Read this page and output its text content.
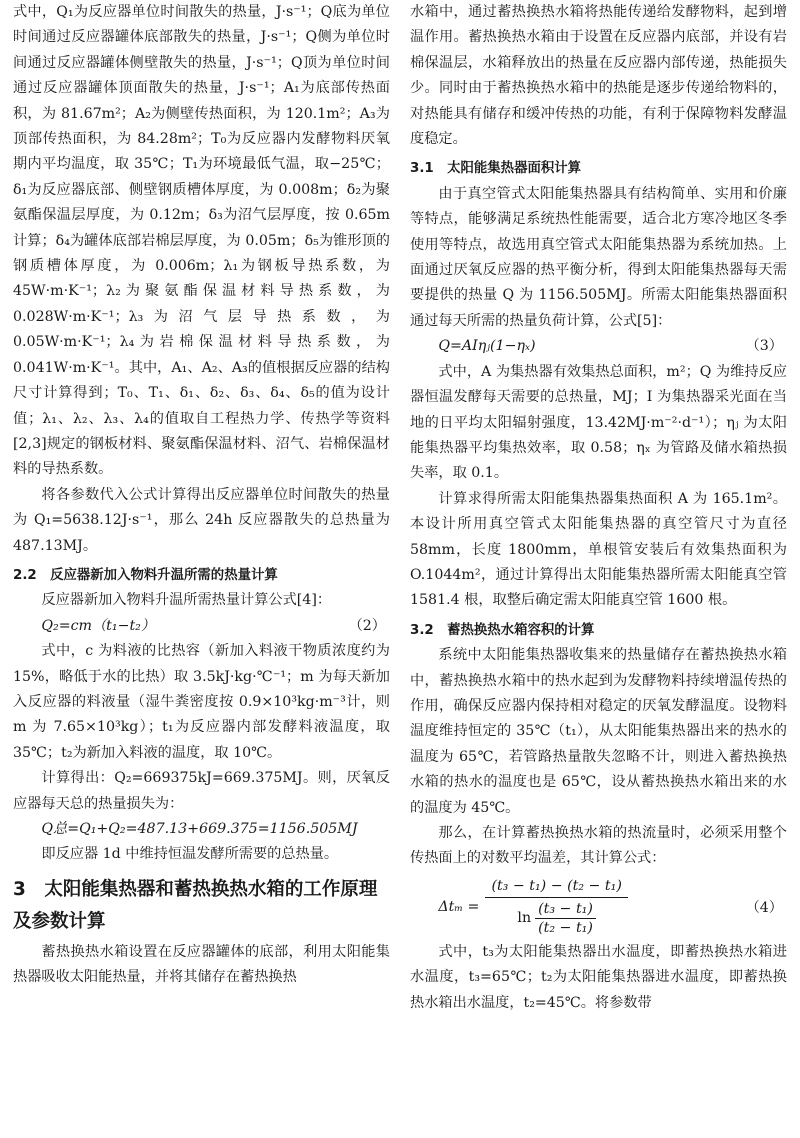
式中，Q₁为反应器单位时间散失的热量，J·s⁻¹；Q底为单位时间通过反应器罐体底部散失的热量，J·s⁻¹；Q侧为单位时间通过反应器罐体侧壁散失的热量，J·s⁻¹；Q顶为单位时间通过反应器罐体顶面散失的热量，J·s⁻¹；A₁为底部传热面积，为 81.67m²；A₂为侧壁传热面积，为 120.1m²；A₃为顶部传热面积，为 84.28m²；T₀为反应器内发酵物料厌氧期内平均温度，取 35℃；T₁为环境最低气温，取−25℃；δ₁为反应器底部、侧壁钢质槽体厚度，为 0.008m；δ₂为聚氨酯保温层厚度，为 0.12m；δ₃为沼气层厚度，按 0.65m 计算；δ₄为罐体底部岩棉层厚度，为 0.05m；δ₅为锥形顶的钢质槽体厚度，为 0.006m；λ₁为钢板导热系数，为 45W·m·K⁻¹；λ₂为聚氨酯保温材料导热系数，为 0.028W·m·K⁻¹；λ₃为沼气层导热系数，为 0.05W·m·K⁻¹；λ₄为岩棉保温材料导热系数，为 0.041W·m·K⁻¹。其中，A₁、A₂、A₃的值根据反应器的结构尺寸计算得到；T₀、T₁、δ₁、δ₂、δ₃、δ₄、δ₅的值为设计值；λ₁、λ₂、λ₃、λ₄的值取自工程热力学、传热学等资料[2,3]规定的钢板材料、聚氨酯保温材料、沼气、岩棉保温材料的导热系数。

将各参数代入公式计算得出反应器单位时间散失的热量为 Q₁=5638.12J·s⁻¹，那么 24h 反应器散失的总热量为 487.13MJ。

2.2　反应器新加入物料升温所需的热量计算

反应器新加入物料升温所需热量计算公式[4]：

Q₂=cm（t₁−t₂）	（2）

式中，c 为料液的比热容（新加入料液干物质浓度约为 15%，略低于水的比热）取 3.5kJ·kg·℃⁻¹；m 为每天新加入反应器的料液量（湿牛粪密度按 0.9×10³kg·m⁻³计，则 m 为 7.65×10³kg）；t₁为反应器内部发酵料液温度，取 35℃；t₂为新加入料液的温度，取 10℃。

计算得出：Q₂=669375kJ=669.375MJ。则，厌氧反应器每天总的热量损失为：

Q总=Q₁+Q₂=487.13+669.375=1156.505MJ

即反应器 1d 中维持恒温发酵所需要的总热量。

3　太阳能集热器和蓄热换热水箱的工作原理及参数计算

蓄热换热水箱设置在反应器罐体的底部，利用太阳能集热器吸收太阳能热量，并将其储存在蓄热换热

水箱中，通过蓄热换热水箱将热能传递给发酵物料，起到增温作用。蓄热换热水箱由于设置在反应器内底部，并设有岩棉保温层，水箱释放出的热量在反应器内部传递，热能损失少。同时由于蓄热换热水箱中的热能是逐步传递给物料的，对热能具有储存和缓冲传热的功能，有利于保障物料发酵温度稳定。

3.1　太阳能集热器面积计算

由于真空管式太阳能集热器具有结构简单、实用和价廉等特点，能够满足系统热性能需要，适合北方寒冷地区冬季使用等特点，故选用真空管式太阳能集热器为系统加热。上面通过厌氧反应器的热平衡分析，得到太阳能集热器每天需要提供的热量 Q 为 1156.505MJ。所需太阳能集热器面积通过每天所需的热量负荷计算，公式[5]：

Q=AIηⱼ(1−ηₓ)	（3）

式中，A 为集热器有效集热总面积，m²；Q 为维持反应器恒温发酵每天需要的总热量，MJ；I 为集热器采光面在当地的日平均太阳辐射强度，13.42MJ·m⁻²·d⁻¹）；ηⱼ 为太阳能集热器平均集热效率，取 0.58；ηₓ 为管路及储水箱热损失率，取 0.1。

计算求得所需太阳能集热器集热面积 A 为 165.1m²。本设计所用真空管式太阳能集热器的真空管尺寸为直径 58mm，长度 1800mm，单根管安装后有效集热面积为 O.1044m²，通过计算得出太阳能集热器所需太阳能真空管 1581.4 根，取整后确定需太阳能真空管 1600 根。

3.2　蓄热换热水箱容积的计算

系统中太阳能集热器收集来的热量储存在蓄热换热水箱中，蓄热换热水箱中的热水起到为发酵物料持续增温传热的作用，确保反应器内保持相对稳定的厌氧发酵温度。设物料温度维持恒定的 35℃（t₁），从太阳能集热器出来的热水的温度为 65℃，若管路热量散失忽略不计，则进入蓄热换热水箱的热水的温度也是 65℃，设从蓄热换热水箱出来的水的温度为 45℃。

那么，在计算蓄热换热水箱的热流量时，必须采用整个传热面上的对数平均温差，其计算公式：

Δtₘ =
(t₃ − t₁) − (t₂ − t₁)
$\ln \frac{\text{(t₃ − t₁)}}{\text{(t₂ − t₁)}}$	（4）

式中，t₃为太阳能集热器出水温度，即蓄热换热水箱进水温度，t₃=65℃；t₂为太阳能集热器进水温度，即蓄热换热水箱出水温度，t₂=45℃。将参数带
